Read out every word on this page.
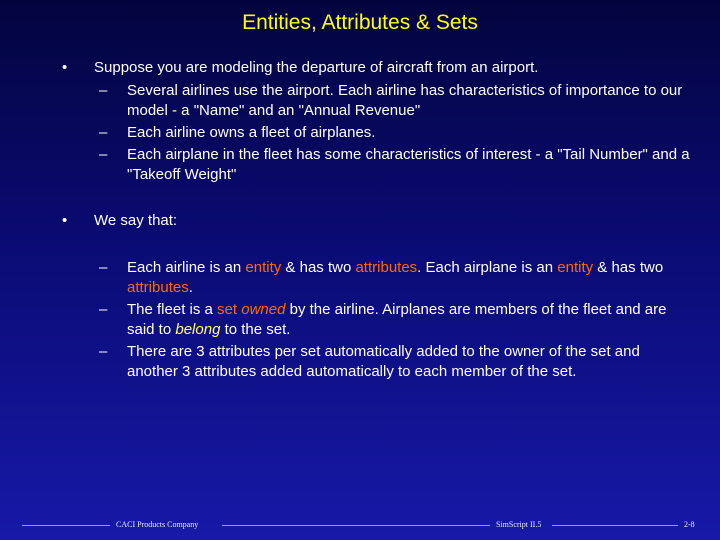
Entities, Attributes & Sets
• Suppose you are modeling the departure of aircraft from an airport.
– Several airlines use the airport. Each airline has characteristics of importance to our model - a "Name" and an "Annual Revenue"
– Each airline owns a fleet of airplanes.
– Each airplane in the fleet has some characteristics of interest - a "Tail Number" and a "Takeoff Weight"
• We say that:
– Each airline is an entity & has two attributes. Each airplane is an entity & has two attributes.
– The fleet is a set owned by the airline. Airplanes are members of the fleet and are said to belong to the set.
– There are 3 attributes per set automatically added to the owner of the set and another 3 attributes added automatically to each member of the set.
CACI Products Company	SimScript II.5	2-8
